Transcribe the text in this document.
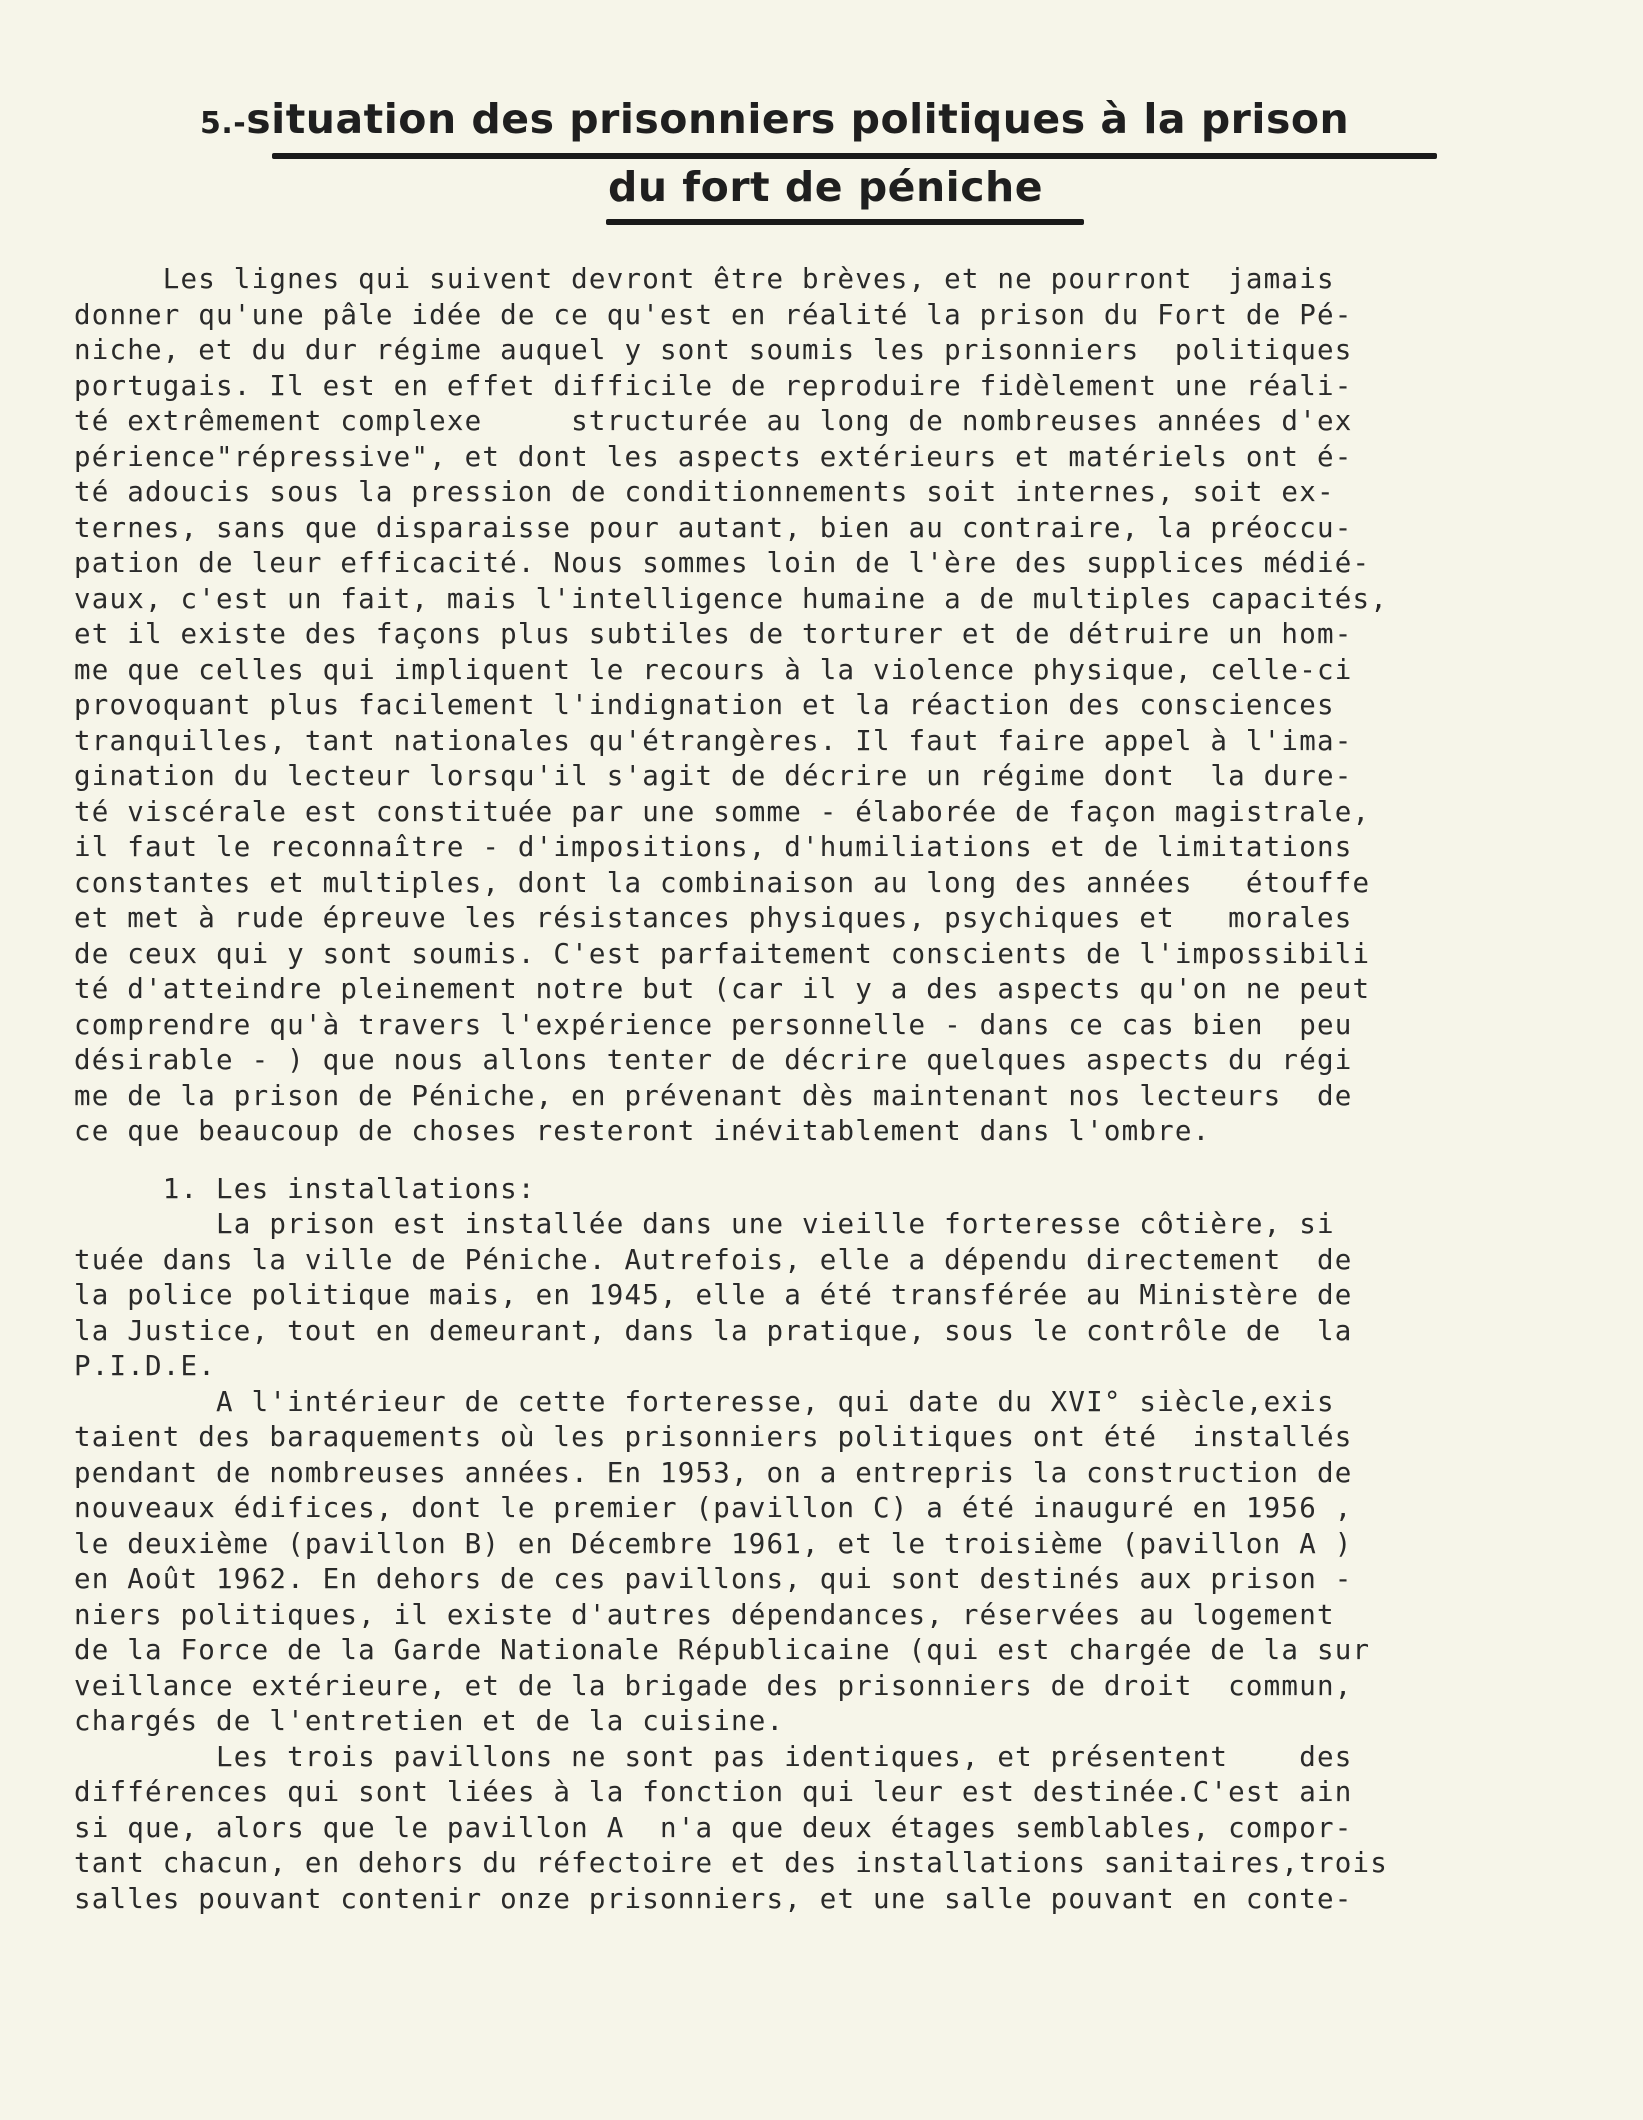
5.-situation des prisonniers politiques à la prison
du fort de péniche
Les lignes qui suivent devront être brèves, et ne pourront  jamais
donner qu'une pâle idée de ce qu'est en réalité la prison du Fort de Pé-
niche, et du dur régime auquel y sont soumis les prisonniers  politiques
portugais. Il est en effet difficile de reproduire fidèlement une réali-
té extrêmement complexe     structurée au long de nombreuses années d'ex
périence"répressive", et dont les aspects extérieurs et matériels ont é-
té adoucis sous la pression de conditionnements soit internes, soit ex-
ternes, sans que disparaisse pour autant, bien au contraire, la préoccu-
pation de leur efficacité. Nous sommes loin de l'ère des supplices médié-
vaux, c'est un fait, mais l'intelligence humaine a de multiples capacités,
et il existe des façons plus subtiles de torturer et de détruire un hom-
me que celles qui impliquent le recours à la violence physique, celle-ci
provoquant plus facilement l'indignation et la réaction des consciences
tranquilles, tant nationales qu'étrangères. Il faut faire appel à l'ima-
gination du lecteur lorsqu'il s'agit de décrire un régime dont  la dure-
té viscérale est constituée par une somme - élaborée de façon magistrale,
il faut le reconnaître - d'impositions, d'humiliations et de limitations
constantes et multiples, dont la combinaison au long des années   étouffe
et met à rude épreuve les résistances physiques, psychiques et   morales
de ceux qui y sont soumis. C'est parfaitement conscients de l'impossibili
té d'atteindre pleinement notre but (car il y a des aspects qu'on ne peut
comprendre qu'à travers l'expérience personnelle - dans ce cas bien  peu
désirable - ) que nous allons tenter de décrire quelques aspects du régi
me de la prison de Péniche, en prévenant dès maintenant nos lecteurs  de
ce que beaucoup de choses resteront inévitablement dans l'ombre.
1. Les installations:
La prison est installée dans une vieille forteresse côtière, si
tuée dans la ville de Péniche. Autrefois, elle a dépendu directement  de
la police politique mais, en 1945, elle a été transférée au Ministère de
la Justice, tout en demeurant, dans la pratique, sous le contrôle de  la
P.I.D.E.
A l'intérieur de cette forteresse, qui date du XVI° siècle,exis
taient des baraquements où les prisonniers politiques ont été  installés
pendant de nombreuses années. En 1953, on a entrepris la construction de
nouveaux édifices, dont le premier (pavillon C) a été inauguré en 1956 ,
le deuxième (pavillon B) en Décembre 1961, et le troisième (pavillon A )
en Août 1962. En dehors de ces pavillons, qui sont destinés aux prison -
niers politiques, il existe d'autres dépendances, réservées au logement
de la Force de la Garde Nationale Républicaine (qui est chargée de la sur
veillance extérieure, et de la brigade des prisonniers de droit  commun,
chargés de l'entretien et de la cuisine.
Les trois pavillons ne sont pas identiques, et présentent    des
différences qui sont liées à la fonction qui leur est destinée.C'est ain
si que, alors que le pavillon A  n'a que deux étages semblables, compor-
tant chacun, en dehors du réfectoire et des installations sanitaires,trois
salles pouvant contenir onze prisonniers, et une salle pouvant en conte-
